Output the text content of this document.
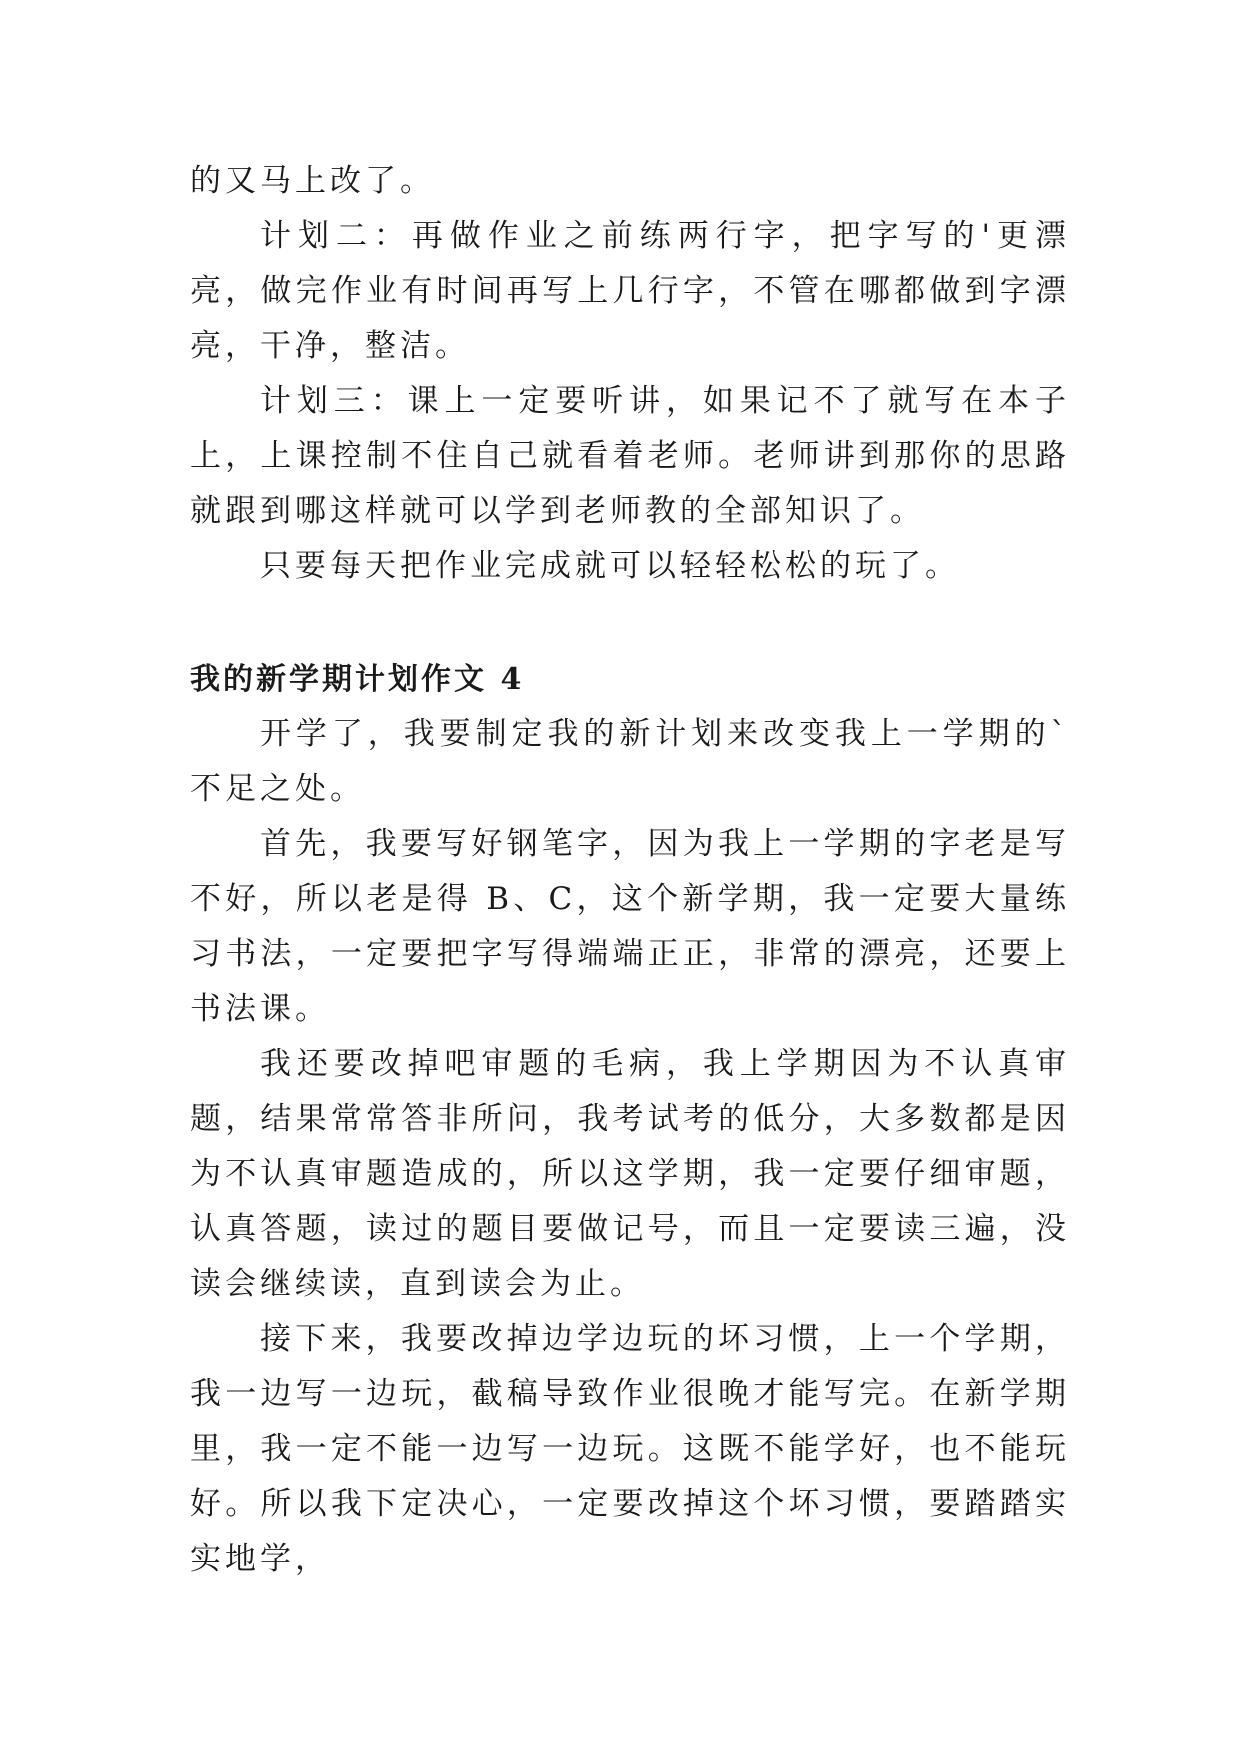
的又马上改了。

计划二：再做作业之前练两行字，把字写的'更漂亮，做完作业有时间再写上几行字，不管在哪都做到字漂亮，干净，整洁。

计划三：课上一定要听讲，如果记不了就写在本子上，上课控制不住自己就看着老师。老师讲到那你的思路就跟到哪这样就可以学到老师教的全部知识了。

只要每天把作业完成就可以轻轻松松的玩了。

我的新学期计划作文 4

开学了，我要制定我的新计划来改变我上一学期的`不足之处。

首先，我要写好钢笔字，因为我上一学期的字老是写不好，所以老是得 B、C，这个新学期，我一定要大量练习书法，一定要把字写得端端正正，非常的漂亮，还要上书法课。

我还要改掉吧审题的毛病，我上学期因为不认真审题，结果常常答非所问，我考试考的低分，大多数都是因为不认真审题造成的，所以这学期，我一定要仔细审题，认真答题，读过的题目要做记号，而且一定要读三遍，没读会继续读，直到读会为止。

接下来，我要改掉边学边玩的坏习惯，上一个学期，我一边写一边玩，截稿导致作业很晚才能写完。在新学期里，我一定不能一边写一边玩。这既不能学好，也不能玩好。所以我下定决心，一定要改掉这个坏习惯，要踏踏实实地学，
